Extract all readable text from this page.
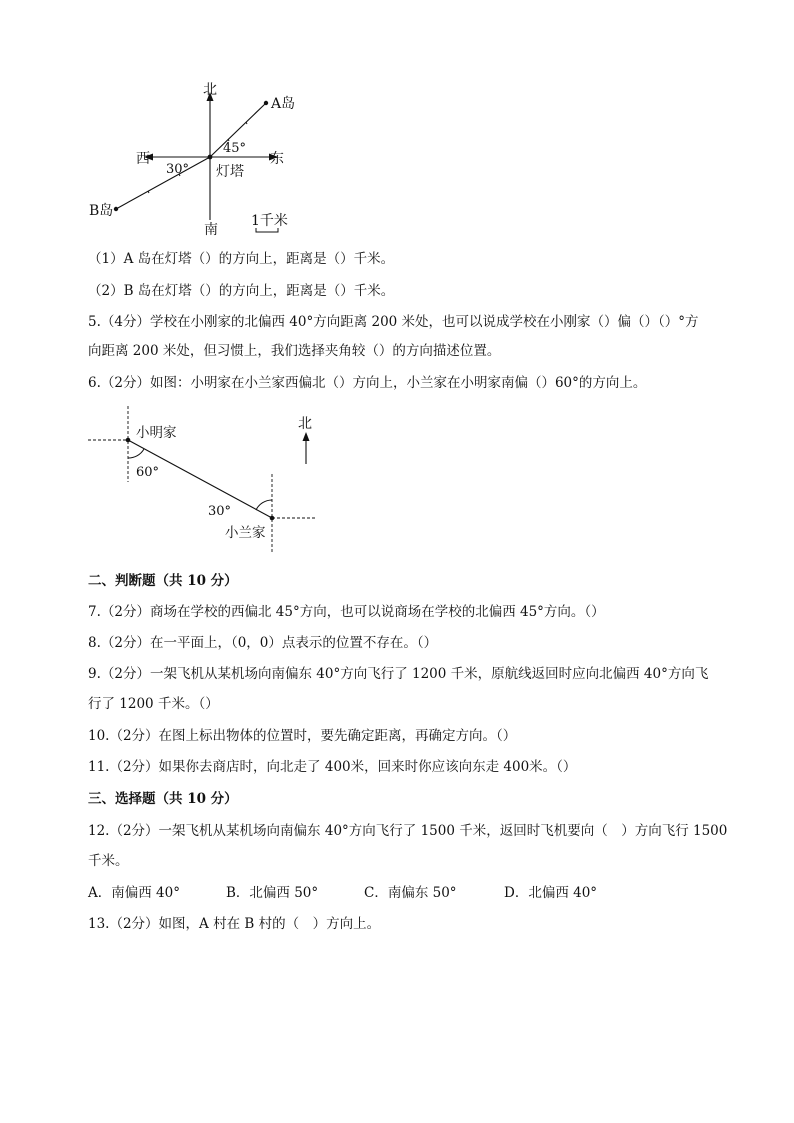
北
南
西	东
A岛
B岛
灯塔
45°
30°
1千米
（1）A 岛在灯塔（）的方向上，距离是（）千米。
（2）B 岛在灯塔（）的方向上，距离是（）千米。
5.（4分）学校在小刚家的北偏西 40°方向距离 200 米处，也可以说成学校在小刚家（）偏（）（）°方
向距离 200 米处，但习惯上，我们选择夹角较（）的方向描述位置。
6.（2分）如图：小明家在小兰家西偏北（）方向上，小兰家在小明家南偏（）60°的方向上。
小明家
小兰家
60°
30°
北
二、判断题（共 10 分）
7.（2分）商场在学校的西偏北 45°方向，也可以说商场在学校的北偏西 45°方向。（）
8.（2分）在一平面上，（0，0）点表示的位置不存在。（）
9.（2分）一架飞机从某机场向南偏东 40°方向飞行了 1200 千米，原航线返回时应向北偏西 40°方向飞
行了 1200 千米。（）
10.（2分）在图上标出物体的位置时，要先确定距离，再确定方向。（）
11.（2分）如果你去商店时，向北走了 400米，回来时你应该向东走 400米。（）
三、选择题（共 10 分）
12.（2分）一架飞机从某机场向南偏东 40°方向飞行了 1500 千米，返回时飞机要向（　）方向飞行 1500
千米。
A．南偏西 40°	B．北偏西 50°	C．南偏东 50°	D．北偏西 40°
13.（2分）如图，A 村在 B 村的（　）方向上。
